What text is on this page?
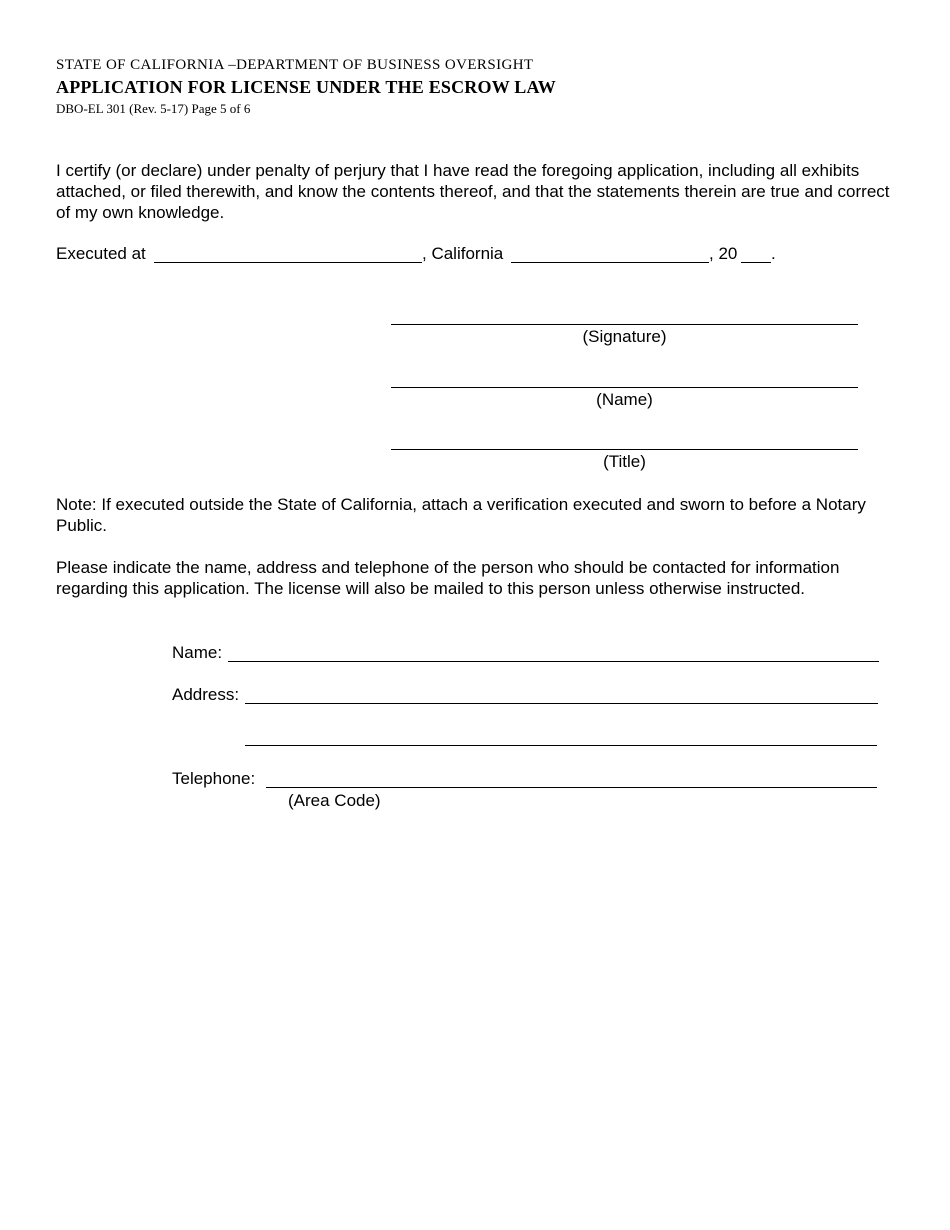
STATE OF CALIFORNIA –DEPARTMENT OF BUSINESS OVERSIGHT
APPLICATION FOR LICENSE UNDER THE ESCROW LAW
DBO-EL 301 (Rev. 5-17) Page 5 of 6
I certify (or declare) under penalty of perjury that I have read the foregoing application, including all exhibits attached, or filed therewith, and know the contents thereof, and that the statements therein are true and correct of my own knowledge.
Executed at	, California	, 20 .
(Signature)
(Name)
(Title)
Note: If executed outside the State of California, attach a verification executed and sworn to before a Notary Public.
Please indicate the name, address and telephone of the person who should be contacted for information regarding this application. The license will also be mailed to this person unless otherwise instructed.
Name:
Address:
Telephone:
(Area Code)
